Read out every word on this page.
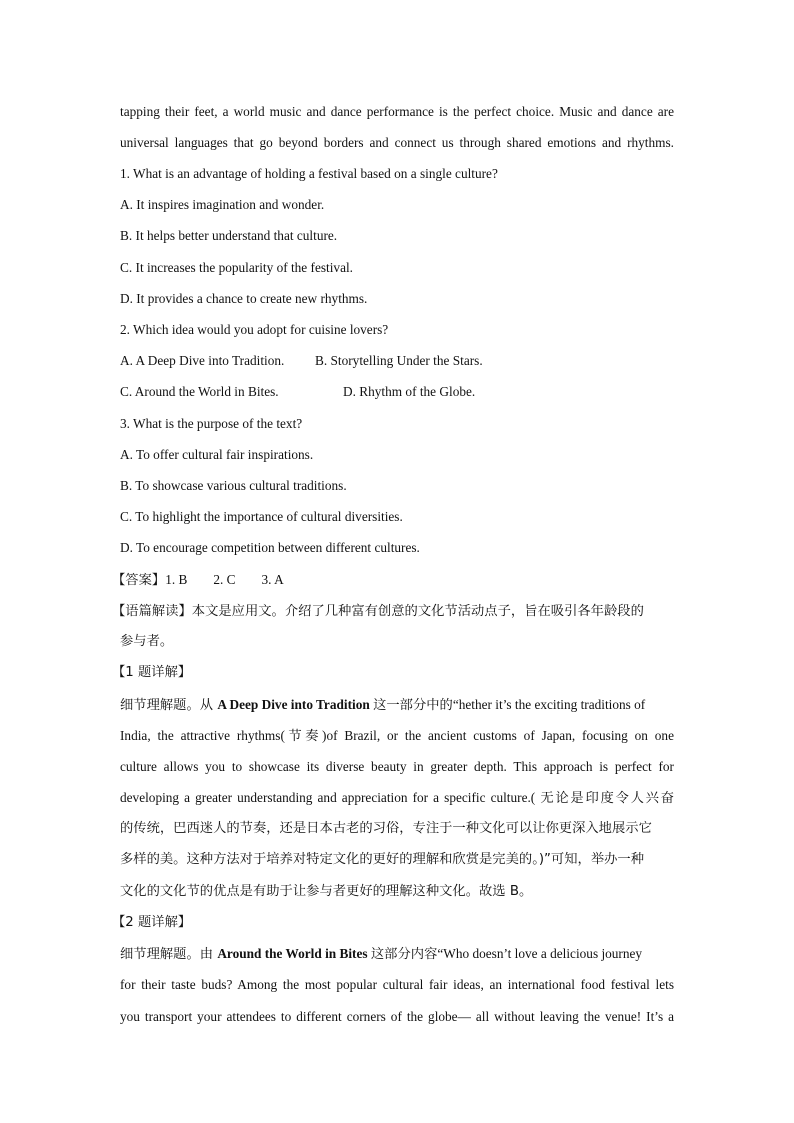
tapping their feet, a world music and dance performance is the perfect choice. Music and dance are
universal languages that go beyond borders and connect us through shared emotions and rhythms.
1. What is an advantage of holding a festival based on a single culture?
A. It inspires imagination and wonder.
B. It helps better understand that culture.
C. It increases the popularity of the festival.
D. It provides a chance to create new rhythms.
2. Which idea would you adopt for cuisine lovers?
A. A Deep Dive into Tradition. B. Storytelling Under the Stars.
C. Around the World in Bites.	D. Rhythm of the Globe.
3. What is the purpose of the text?
A. To offer cultural fair inspirations.
B. To showcase various cultural traditions.
C. To highlight the importance of cultural diversities.
D. To encourage competition between different cultures.
【答案】1. B 2. C 3. A
【语篇解读】本文是应用文。介绍了几种富有创意的文化节活动点子，旨在吸引各年龄段的
参与者。
【1 题详解】
细节理解题。从 A Deep Dive into Tradition 这一部分中的“hether it’s the exciting traditions of
India, the attractive rhythms(节奏)of Brazil, or the ancient customs of Japan, focusing on one
culture allows you to showcase its diverse beauty in greater depth. This approach is perfect for
developing a greater understanding and appreciation for a specific culture.( 无论是印度令人兴奋
的传统，巴西迷人的节奏，还是日本古老的习俗，专注于一种文化可以让你更深入地展示它
多样的美。这种方法对于培养对特定文化的更好的理解和欣赏是完美的。)”可知，举办一种
文化的文化节的优点是有助于让参与者更好的理解这种文化。故选 B。
【2 题详解】
细节理解题。由 Around the World in Bites 这部分内容“Who doesn’t love a delicious journey
for their taste buds? Among the most popular cultural fair ideas, an international food festival lets
you transport your attendees to different corners of the globe— all without leaving the venue! It’s a
